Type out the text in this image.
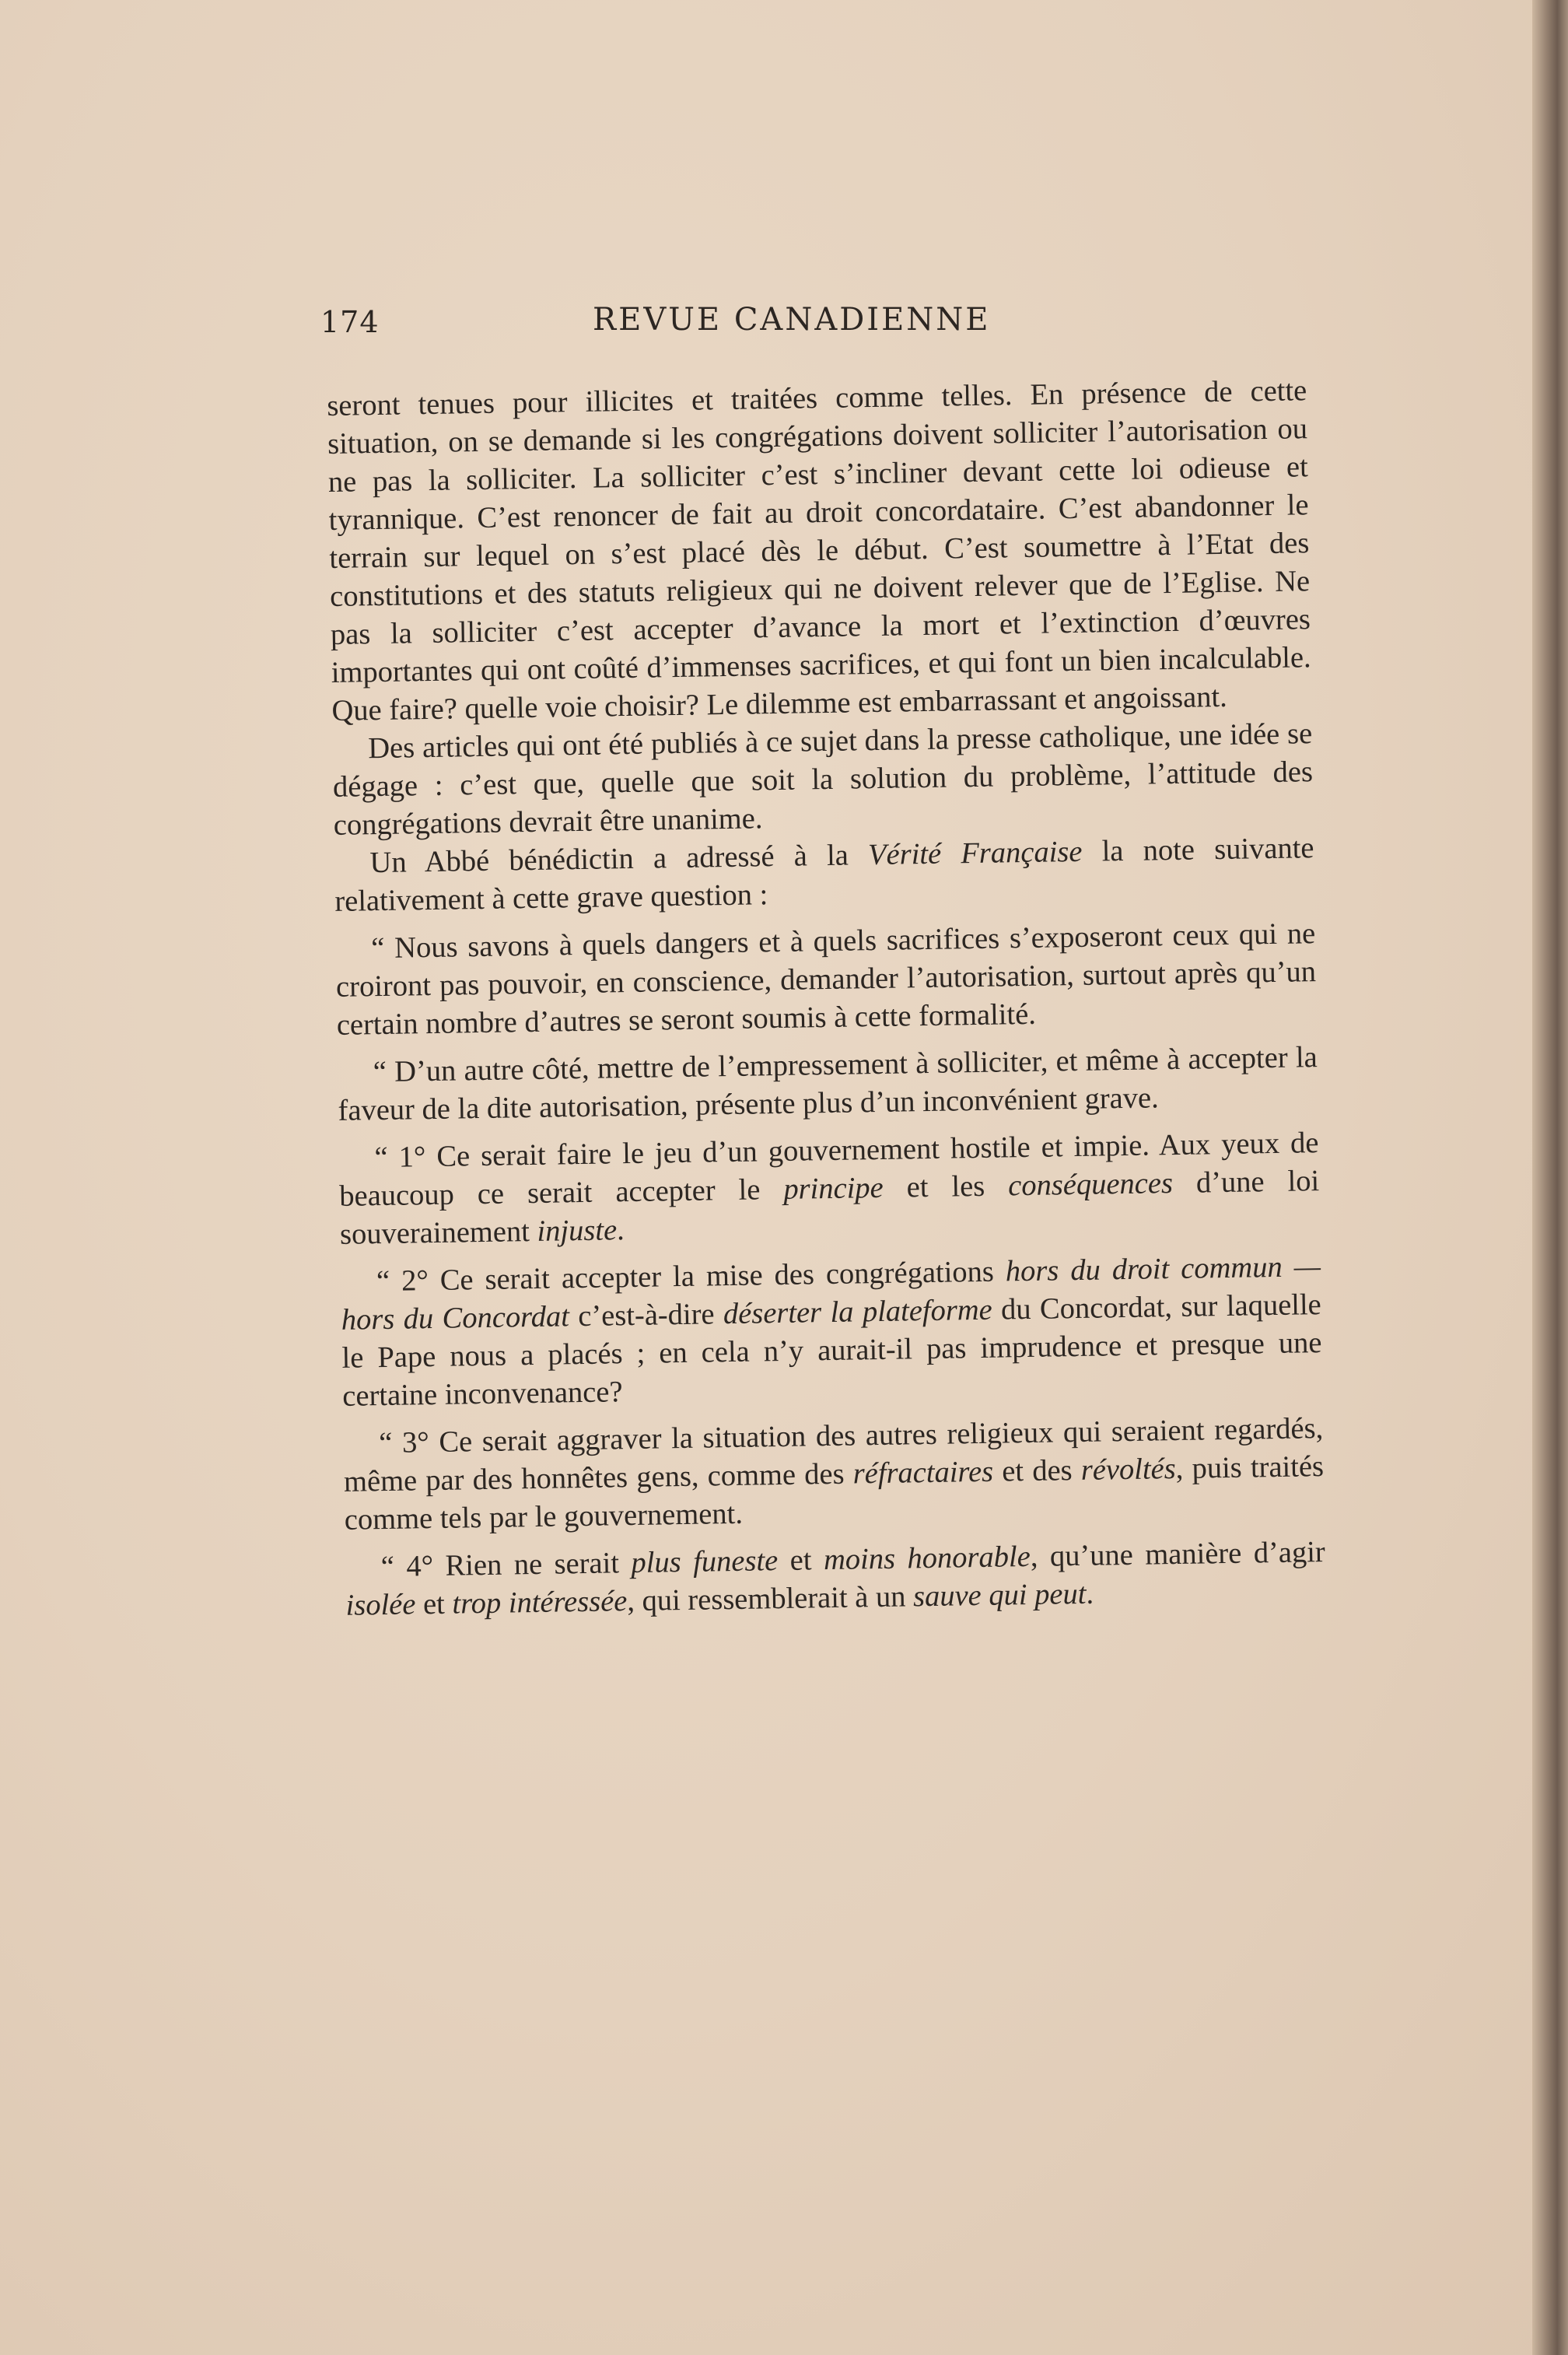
174	REVUE CANADIENNE

seront tenues pour illicites et traitées comme telles. En présence de cette situation, on se demande si les congrégations doivent solliciter l’autorisation ou ne pas la solliciter. La solliciter c’est s’incliner devant cette loi odieuse et tyrannique. C’est renoncer de fait au droit concordataire. C’est abandonner le terrain sur lequel on s’est placé dès le début. C’est soumettre à l’Etat des constitutions et des statuts religieux qui ne doivent relever que de l’Eglise. Ne pas la solliciter c’est accepter d’avance la mort et l’extinction d’œuvres importantes qui ont coûté d’immenses sacrifices, et qui font un bien incalculable. Que faire? quelle voie choisir? Le dilemme est embarrassant et angoissant.

Des articles qui ont été publiés à ce sujet dans la presse catholique, une idée se dégage : c’est que, quelle que soit la solution du problème, l’attitude des congrégations devrait être unanime.

Un Abbé bénédictin a adressé à la Vérité Française la note suivante relativement à cette grave question :

“ Nous savons à quels dangers et à quels sacrifices s’exposeront ceux qui ne croiront pas pouvoir, en conscience, demander l’autorisation, surtout après qu’un certain nombre d’autres se seront soumis à cette formalité.

“ D’un autre côté, mettre de l’empressement à solliciter, et même à accepter la faveur de la dite autorisation, présente plus d’un inconvénient grave.

“ 1° Ce serait faire le jeu d’un gouvernement hostile et impie. Aux yeux de beaucoup ce serait accepter le principe et les conséquences d’une loi souverainement injuste.

“ 2° Ce serait accepter la mise des congrégations hors du droit commun — hors du Concordat c’est-à-dire déserter la plateforme du Concordat, sur laquelle le Pape nous a placés ; en cela n’y aurait-il pas imprudence et presque une certaine inconvenance?

“ 3° Ce serait aggraver la situation des autres religieux qui seraient regardés, même par des honnêtes gens, comme des réfractaires et des révoltés, puis traités comme tels par le gouvernement.

“ 4° Rien ne serait plus funeste et moins honorable, qu’une manière d’agir isolée et trop intéressée, qui ressemblerait à un sauve qui peut.
